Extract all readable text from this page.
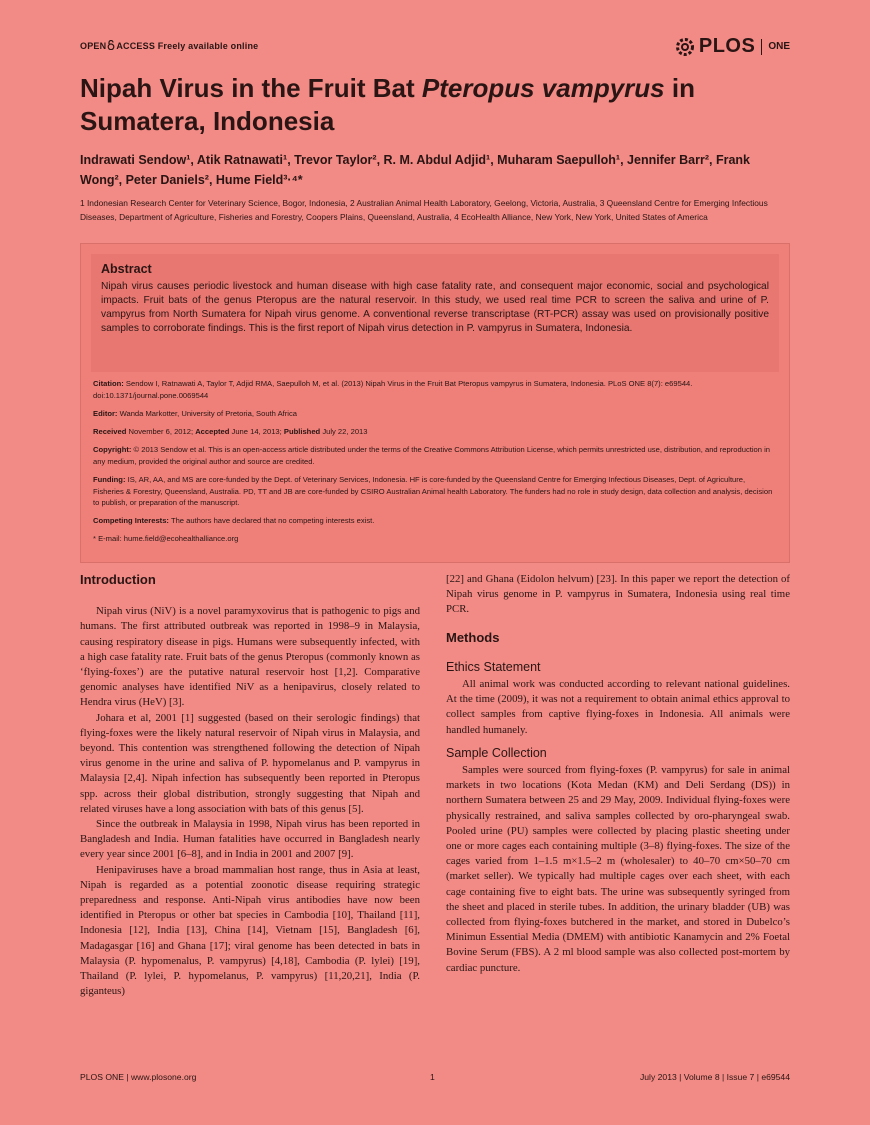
OPEN ACCESS Freely available online	PLOS ONE
Nipah Virus in the Fruit Bat Pteropus vampyrus in Sumatera, Indonesia
Indrawati Sendow¹, Atik Ratnawati¹, Trevor Taylor², R. M. Abdul Adjid¹, Muharam Saepulloh¹, Jennifer Barr², Frank Wong², Peter Daniels², Hume Field³·⁴*
1 Indonesian Research Center for Veterinary Science, Bogor, Indonesia, 2 Australian Animal Health Laboratory, Geelong, Victoria, Australia, 3 Queensland Centre for Emerging Infectious Diseases, Department of Agriculture, Fisheries and Forestry, Coopers Plains, Queensland, Australia, 4 EcoHealth Alliance, New York, New York, United States of America
Abstract
Nipah virus causes periodic livestock and human disease with high case fatality rate, and consequent major economic, social and psychological impacts. Fruit bats of the genus Pteropus are the natural reservoir. In this study, we used real time PCR to screen the saliva and urine of P. vampyrus from North Sumatera for Nipah virus genome. A conventional reverse transcriptase (RT-PCR) assay was used on provisionally positive samples to corroborate findings. This is the first report of Nipah virus detection in P. vampyrus in Sumatera, Indonesia.
Citation: Sendow I, Ratnawati A, Taylor T, Adjid RMA, Saepulloh M, et al. (2013) Nipah Virus in the Fruit Bat Pteropus vampyrus in Sumatera, Indonesia. PLoS ONE 8(7): e69544. doi:10.1371/journal.pone.0069544
Editor: Wanda Markotter, University of Pretoria, South Africa
Received November 6, 2012; Accepted June 14, 2013; Published July 22, 2013
Copyright: © 2013 Sendow et al. This is an open-access article distributed under the terms of the Creative Commons Attribution License, which permits unrestricted use, distribution, and reproduction in any medium, provided the original author and source are credited.
Funding: IS, AR, AA, and MS are core-funded by the Dept. of Veterinary Services, Indonesia. HF is core-funded by the Queensland Centre for Emerging Infectious Diseases, Dept. of Agriculture, Fisheries & Forestry, Queensland, Australia. PD, TT and JB are core-funded by CSIRO Australian Animal health Laboratory. The funders had no role in study design, data collection and analysis, decision to publish, or preparation of the manuscript.
Competing Interests: The authors have declared that no competing interests exist.
* E-mail: hume.field@ecohealthalliance.org
Introduction

Nipah virus (NiV) is a novel paramyxovirus that is pathogenic to pigs and humans. The first attributed outbreak was reported in 1998–9 in Malaysia, causing respiratory disease in pigs. Humans were subsequently infected, with a high case fatality rate. Fruit bats of the genus Pteropus (commonly known as ‘flying-foxes’) are the putative natural reservoir host [1,2]. Comparative genomic analyses have identified NiV as a henipavirus, closely related to Hendra virus (HeV) [3].

Johara et al, 2001 [1] suggested (based on their serologic findings) that flying-foxes were the likely natural reservoir of Nipah virus in Malaysia, and beyond. This contention was strengthened following the detection of Nipah virus genome in the urine and saliva of P. hypomelanus and P. vampyrus in Malaysia [2,4]. Nipah infection has subsequently been reported in Pteropus spp. across their global distribution, strongly suggesting that Nipah and related viruses have a long association with bats of this genus [5].

Since the outbreak in Malaysia in 1998, Nipah virus has been reported in Bangladesh and India. Human fatalities have occurred in Bangladesh nearly every year since 2001 [6–8], and in India in 2001 and 2007 [9].

Henipaviruses have a broad mammalian host range, thus in Asia at least, Nipah is regarded as a potential zoonotic disease requiring strategic preparedness and response. Anti-Nipah virus antibodies have now been identified in Pteropus or other bat species in Cambodia [10], Thailand [11], Indonesia [12], India [13], China [14], Vietnam [15], Bangladesh [6], Madagasgar [16] and Ghana [17]; viral genome has been detected in bats in Malaysia (P. hypomenalus, P. vampyrus) [4,18], Cambodia (P. lylei) [19], Thailand (P. lylei, P. hypomelanus, P. vampyrus) [11,20,21], India (P. giganteus)

[22] and Ghana (Eidolon helvum) [23]. In this paper we report the detection of Nipah virus genome in P. vampyrus in Sumatera, Indonesia using real time PCR.

Methods
Ethics Statement

All animal work was conducted according to relevant national guidelines. At the time (2009), it was not a requirement to obtain animal ethics approval to collect samples from captive flying-foxes in Indonesia. All animals were handled humanely.

Sample Collection

Samples were sourced from flying-foxes (P. vampyrus) for sale in animal markets in two locations (Kota Medan (KM) and Deli Serdang (DS)) in northern Sumatera between 25 and 29 May, 2009. Individual flying-foxes were physically restrained, and saliva samples collected by oro-pharyngeal swab. Pooled urine (PU) samples were collected by placing plastic sheeting under one or more cages each containing multiple (3–8) flying-foxes. The size of the cages varied from 1–1.5 m×1.5–2 m (wholesaler) to 40–70 cm×50–70 cm (market seller). We typically had multiple cages over each sheet, with each cage containing five to eight bats. The urine was subsequently syringed from the sheet and placed in sterile tubes. In addition, the urinary bladder (UB) was collected from flying-foxes butchered in the market, and stored in Dubelco’s Minimun Essential Media (DMEM) with antibiotic Kanamycin and 2% Foetal Bovine Serum (FBS). A 2 ml blood sample was also collected post-mortem by cardiac puncture.

PLOS ONE | www.plosone.org	1	July 2013 | Volume 8 | Issue 7 | e69544
